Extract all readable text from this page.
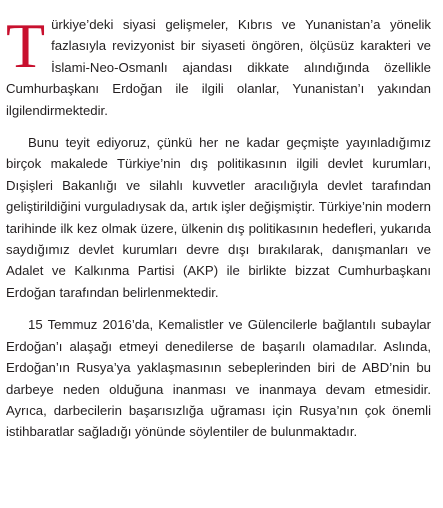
Türkiye’deki siyasi gelişmeler, Kıbrıs ve Yunanistan’a yönelik fazlasıyla revizyonist bir siyaseti öngören, ölçüsüz karakteri ve İslami-Neo-Osmanlı ajandası dikkate alındığında özellikle Cumhurbaşkanı Erdoğan ile ilgili olanlar, Yunanistan’ı yakından ilgilendirmektedir.

Bunu teyit ediyoruz, çünkü her ne kadar geçmişte yayınladığımız birçok makalede Türkiye’nin dış politikasının ilgili devlet kurumları, Dışişleri Bakanlığı ve silahlı kuvvetler aracılığıyla devlet tarafından geliştirildiğini vurguladıysak da, artık işler değişmiştir. Türkiye’nin modern tarihinde ilk kez olmak üzere, ülkenin dış politikasının hedefleri, yukarıda saydığımız devlet kurumları devre dışı bırakılarak, danışmanları ve Adalet ve Kalkınma Partisi (AKP) ile birlikte bizzat Cumhurbaşkanı Erdoğan tarafından belirlenmektedir.

15 Temmuz 2016’da, Kemalistler ve Gülencilerle bağlantılı subaylar Erdoğan’ı alaşağı etmeyi denedilerse de başarılı olamadılar. Aslında, Erdoğan’ın Rusya’ya yaklaşmasının sebeplerinden biri de ABD’nin bu darbeye neden olduğuna inanması ve inanmaya devam etmesidir. Ayrıca, darbecilerin başarısızlığa uğraması için Rusya’nın çok önemli istihbaratlar sağladığı yönünde söylentiler de bulunmaktadır.
